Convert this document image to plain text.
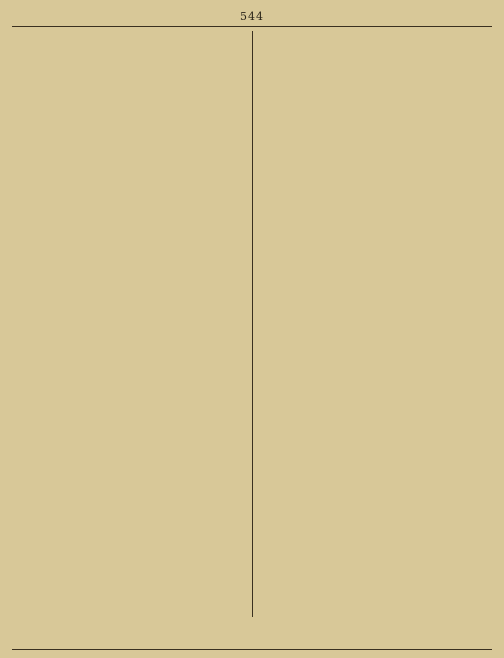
544
